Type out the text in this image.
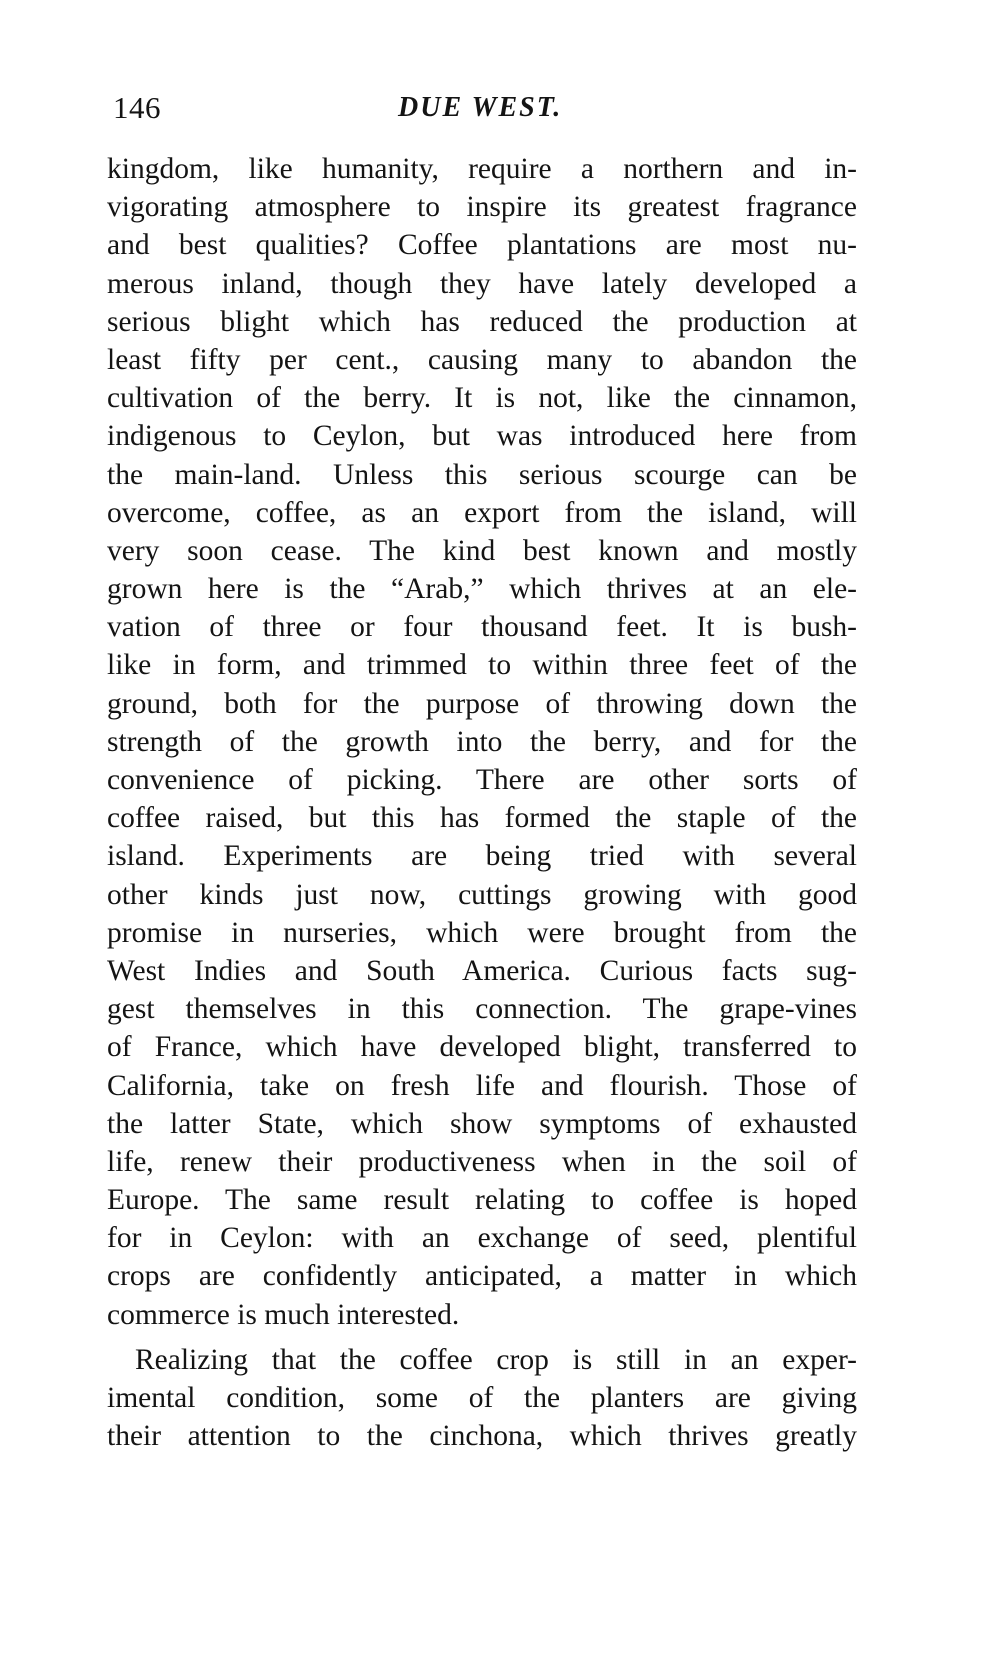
146	DUE WEST.
kingdom, like humanity, require a northern and in-
vigorating atmosphere to inspire its greatest fragrance
and best qualities? Coffee plantations are most nu-
merous inland, though they have lately developed a
serious blight which has reduced the production at
least fifty per cent., causing many to abandon the
cultivation of the berry. It is not, like the cinnamon,
indigenous to Ceylon, but was introduced here from
the main-land. Unless this serious scourge can be
overcome, coffee, as an export from the island, will
very soon cease. The kind best known and mostly
grown here is the “Arab,” which thrives at an ele-
vation of three or four thousand feet. It is bush-
like in form, and trimmed to within three feet of the
ground, both for the purpose of throwing down the
strength of the growth into the berry, and for the
convenience of picking. There are other sorts of
coffee raised, but this has formed the staple of the
island. Experiments are being tried with several
other kinds just now, cuttings growing with good
promise in nurseries, which were brought from the
West Indies and South America. Curious facts sug-
gest themselves in this connection. The grape-vines
of France, which have developed blight, transferred to
California, take on fresh life and flourish. Those of
the latter State, which show symptoms of exhausted
life, renew their productiveness when in the soil of
Europe. The same result relating to coffee is hoped
for in Ceylon: with an exchange of seed, plentiful
crops are confidently anticipated, a matter in which
commerce is much interested.
Realizing that the coffee crop is still in an exper-
imental condition, some of the planters are giving
their attention to the cinchona, which thrives greatly
